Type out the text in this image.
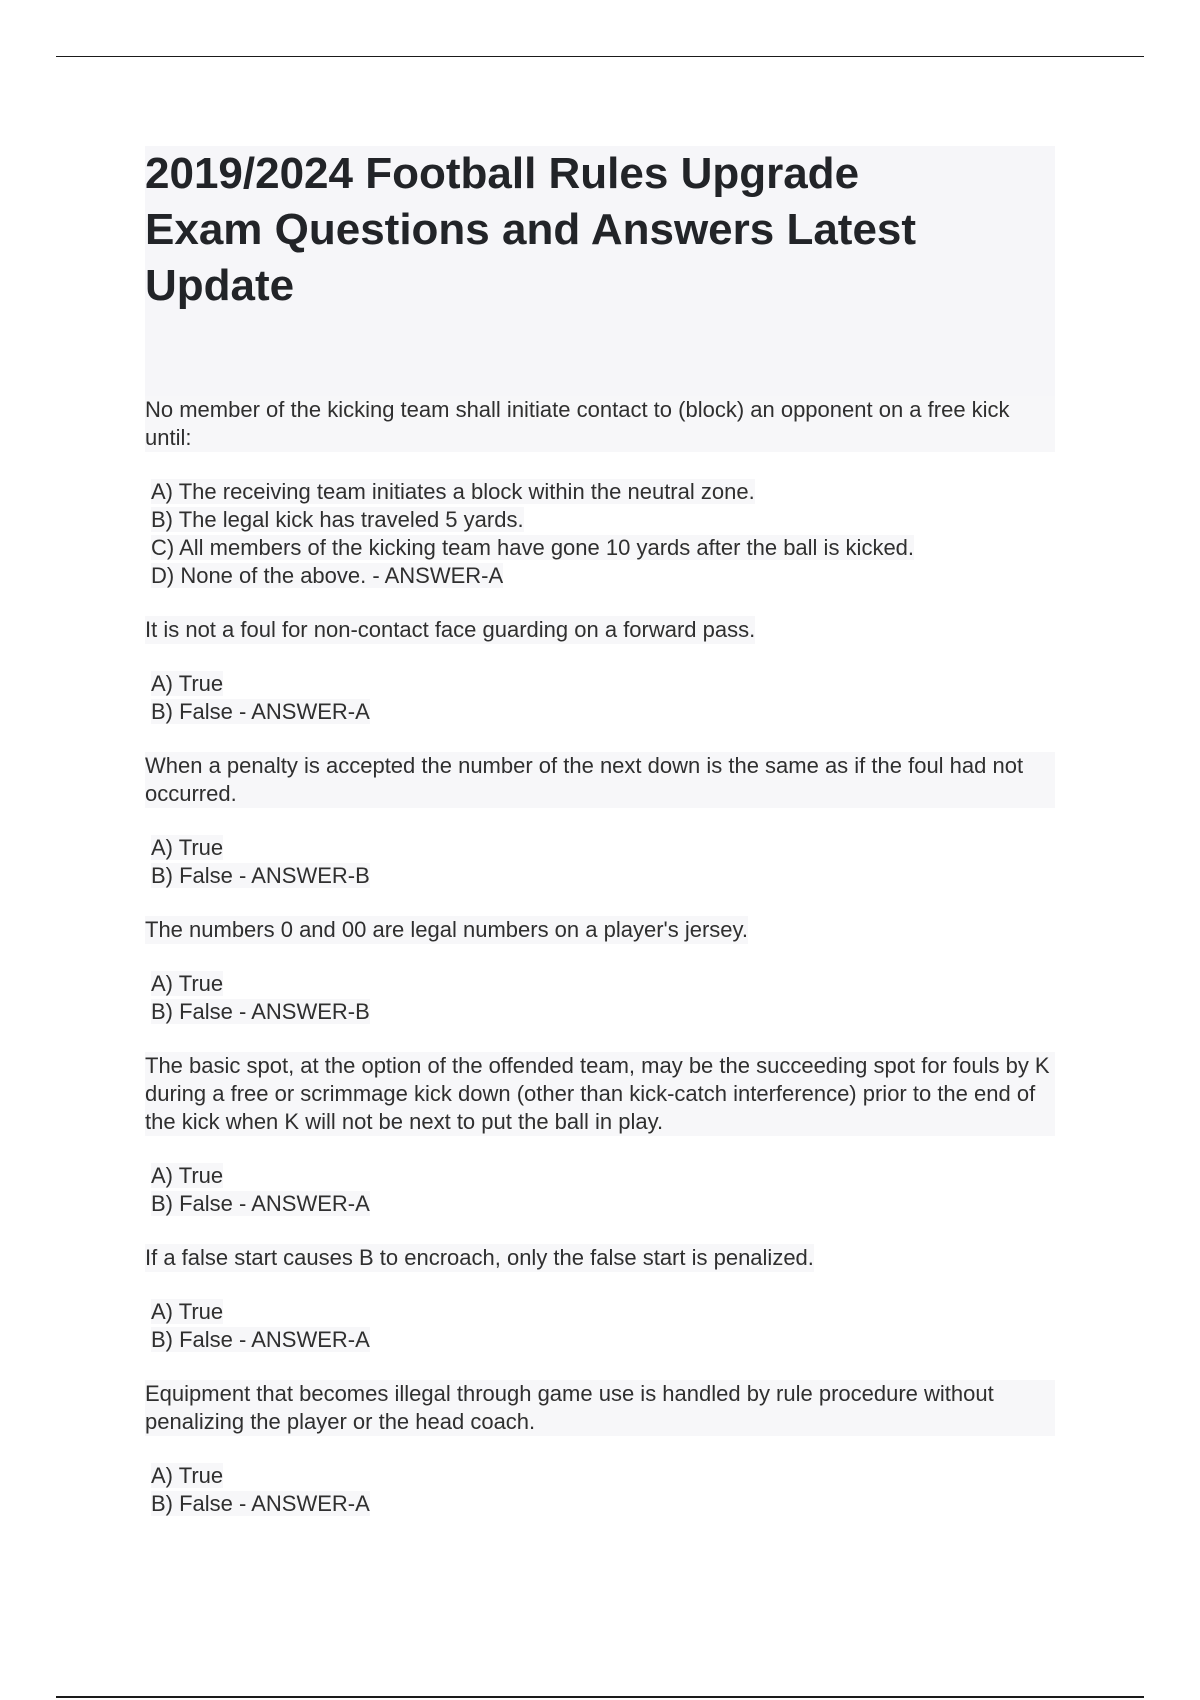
2019/2024 Football Rules Upgrade
Exam Questions and Answers Latest
Update

No member of the kicking team shall initiate contact to (block) an opponent on a free kick until:

A) The receiving team initiates a block within the neutral zone.
B) The legal kick has traveled 5 yards.
C) All members of the kicking team have gone 10 yards after the ball is kicked.
D) None of the above. - ANSWER-A

It is not a foul for non-contact face guarding on a forward pass.

A) True
B) False - ANSWER-A

When a penalty is accepted the number of the next down is the same as if the foul had not occurred.

A) True
B) False - ANSWER-B

The numbers 0 and 00 are legal numbers on a player's jersey.

A) True
B) False - ANSWER-B

The basic spot, at the option of the offended team, may be the succeeding spot for fouls by K during a free or scrimmage kick down (other than kick-catch interference) prior to the end of the kick when K will not be next to put the ball in play.

A) True
B) False - ANSWER-A

If a false start causes B to encroach, only the false start is penalized.

A) True
B) False - ANSWER-A

Equipment that becomes illegal through game use is handled by rule procedure without penalizing the player or the head coach.

A) True
B) False - ANSWER-A
